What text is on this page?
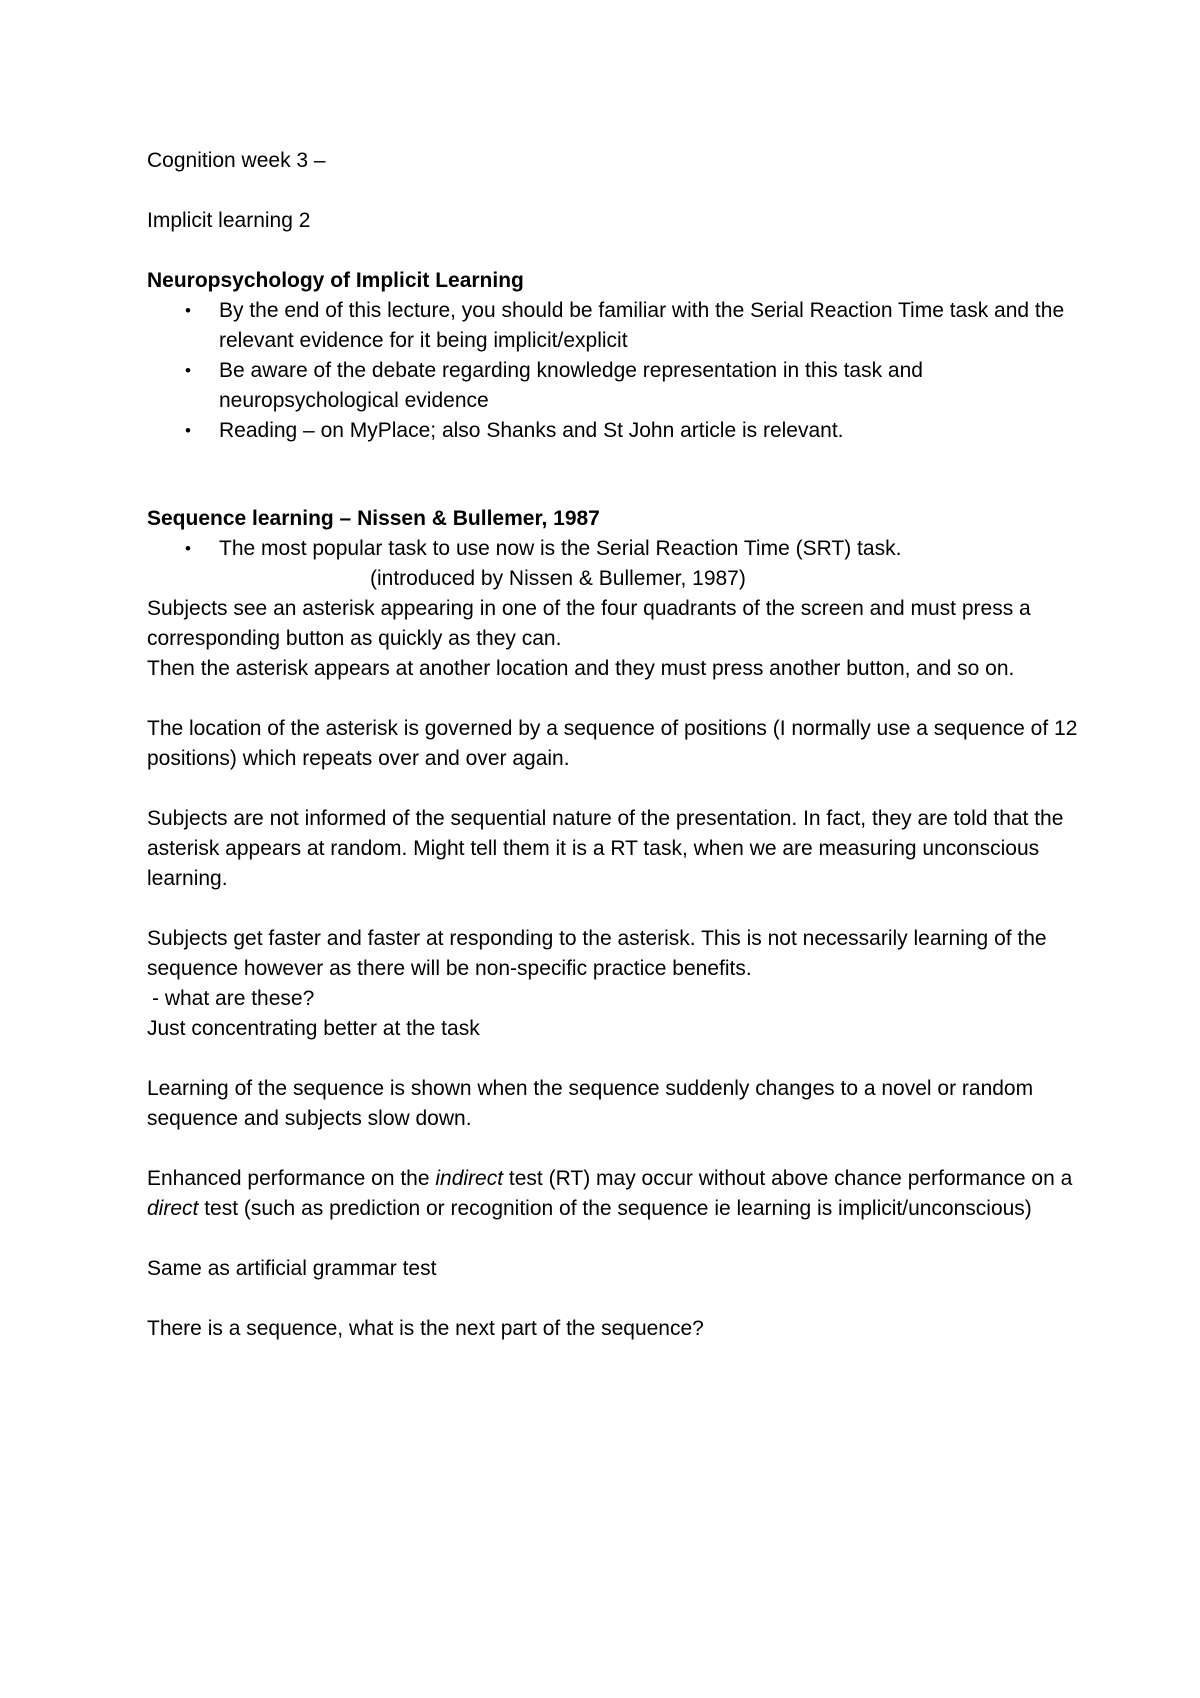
Cognition week 3 –

Implicit learning 2

Neuropsychology of Implicit Learning

• By the end of this lecture, you should be familiar with the Serial Reaction Time task and the relevant evidence for it being implicit/explicit
• Be aware of the debate regarding knowledge representation in this task and neuropsychological evidence
• Reading – on MyPlace; also Shanks and St John article is relevant.

Sequence learning – Nissen & Bullemer, 1987

• The most popular task to use now is the Serial Reaction Time (SRT) task.

(introduced by Nissen & Bullemer, 1987)

Subjects see an asterisk appearing in one of the four quadrants of the screen and must press a corresponding button as quickly as they can.

Then the asterisk appears at another location and they must press another button, and so on.

The location of the asterisk is governed by a sequence of positions (I normally use a sequence of 12 positions) which repeats over and over again.

Subjects are not informed of the sequential nature of the presentation. In fact, they are told that the asterisk appears at random. Might tell them it is a RT task, when we are measuring unconscious learning.

Subjects get faster and faster at responding to the asterisk. This is not necessarily learning of the sequence however as there will be non-specific practice benefits.

- what are these?

Just concentrating better at the task

Learning of the sequence is shown when the sequence suddenly changes to a novel or random sequence and subjects slow down.

Enhanced performance on the indirect test (RT) may occur without above chance performance on a direct test (such as prediction or recognition of the sequence ie learning is implicit/unconscious)

Same as artificial grammar test

There is a sequence, what is the next part of the sequence?
